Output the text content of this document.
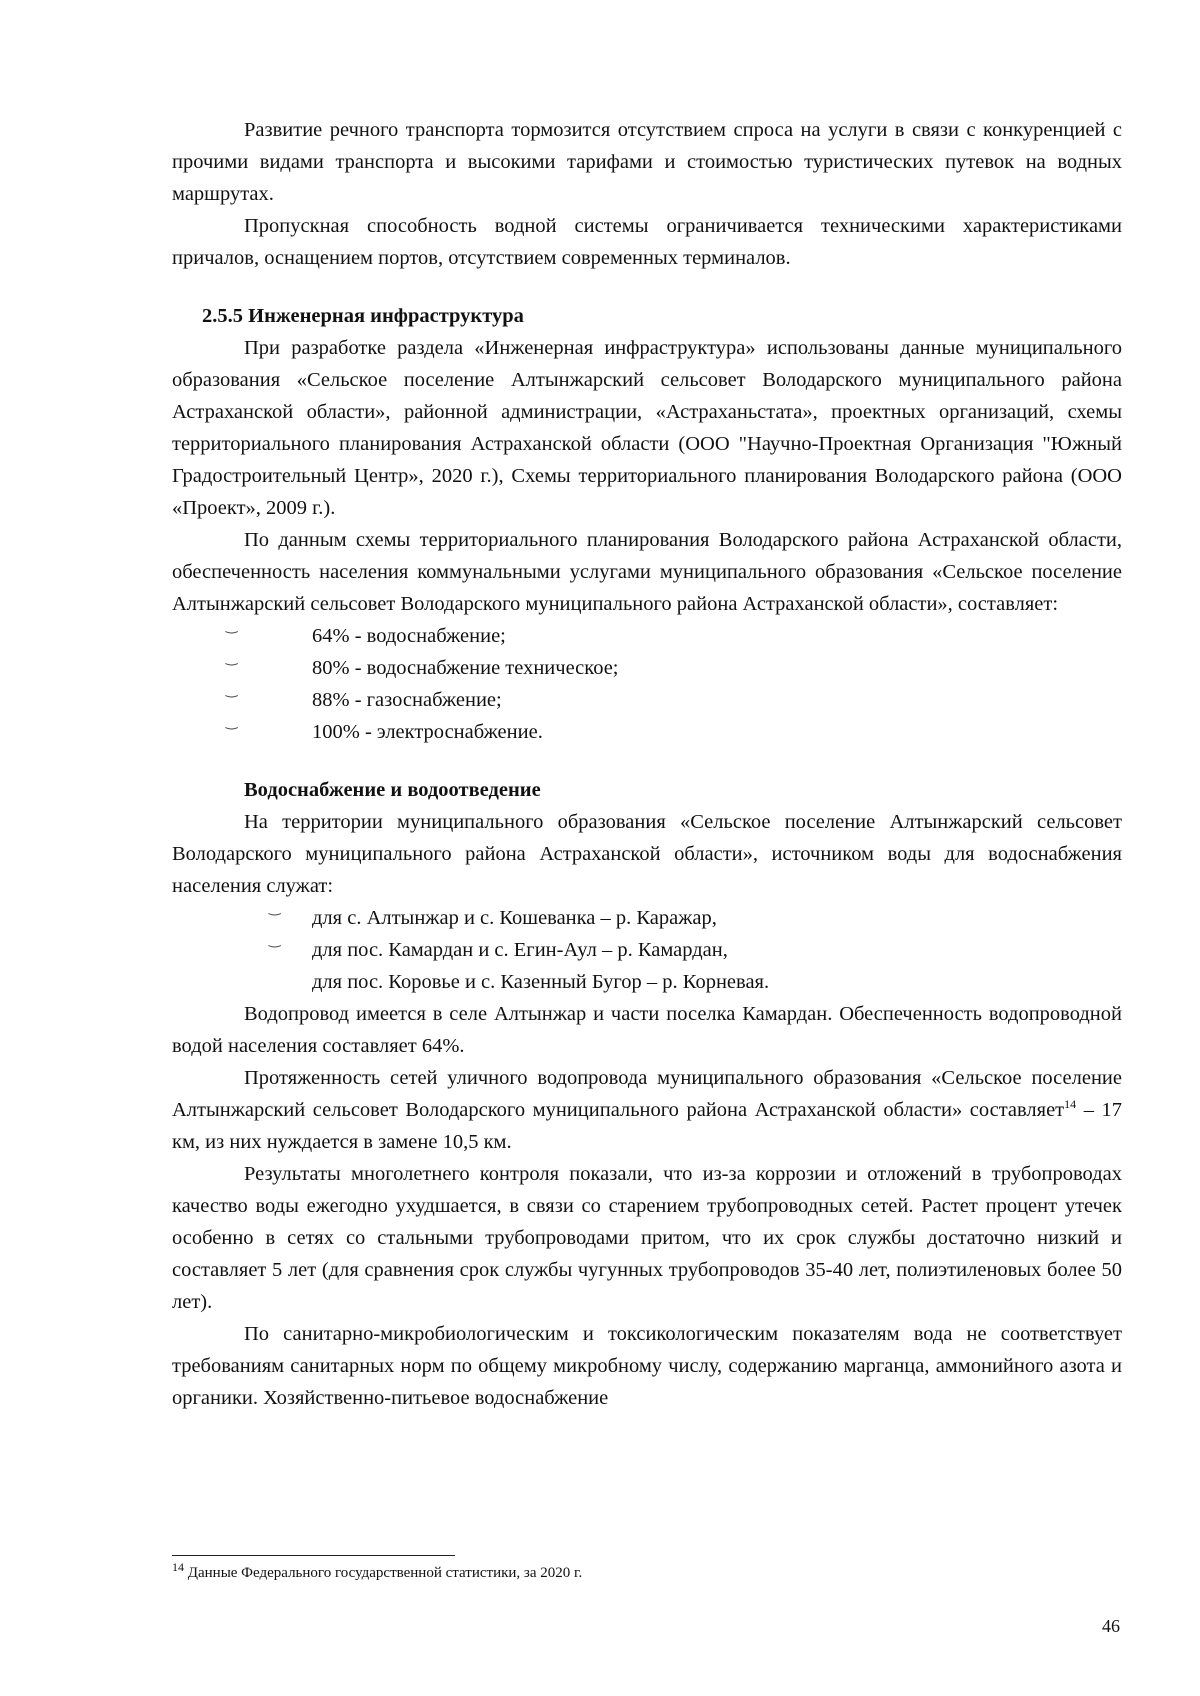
Развитие речного транспорта тормозится отсутствием спроса на услуги в связи с конкуренцией с прочими видами транспорта и высокими тарифами и стоимостью туристических путевок на водных маршрутах.

Пропускная способность водной системы ограничивается техническими характеристиками причалов, оснащением портов, отсутствием современных терминалов.

2.5.5 Инженерная инфраструктура

При разработке раздела «Инженерная инфраструктура» использованы данные муниципального образования «Сельское поселение Алтынжарский сельсовет Володарского муниципального района Астраханской области», районной администрации, «Астраханьстата», проектных организаций, схемы территориального планирования Астраханской области (ООО "Научно-Проектная Организация "Южный Градостроительный Центр», 2020 г.), Схемы территориального планирования Володарского района (ООО «Проект», 2009 г.).

По данным схемы территориального планирования Володарского района Астраханской области, обеспеченность населения коммунальными услугами муниципального образования «Сельское поселение Алтынжарский сельсовет Володарского муниципального района Астраханской области», составляет:

‿	64% - водоснабжение;
‿	80% - водоснабжение техническое;
‿	88% - газоснабжение;
‿	100% - электроснабжение.
Водоснабжение и водоотведение

На территории муниципального образования «Сельское поселение Алтынжарский сельсовет Володарского муниципального района Астраханской области», источником воды для водоснабжения населения служат:

‿ для с. Алтынжар и с. Кошеванка – р. Каражар,
‿ для пос. Камардан и с. Егин-Аул – р. Камардан,
для пос. Коровье и с. Казенный Бугор – р. Корневая.

Водопровод имеется в селе Алтынжар и части поселка Камардан. Обеспеченность водопроводной водой населения составляет 64%.

Протяженность сетей уличного водопровода муниципального образования «Сельское поселение Алтынжарский сельсовет Володарского муниципального района Астраханской области» составляет$^{14}$ – 17 км, из них нуждается в замене 10,5 км.

Результаты многолетнего контроля показали, что из-за коррозии и отложений в трубопроводах качество воды ежегодно ухудшается, в связи со старением трубопроводных сетей. Растет процент утечек особенно в сетях со стальными трубопроводами притом, что их срок службы достаточно низкий и составляет 5 лет (для сравнения срок службы чугунных трубопроводов 35-40 лет, полиэтиленовых более 50 лет).

По санитарно-микробиологическим и токсикологическим показателям вода не соответствует требованиям санитарных норм по общему микробному числу, содержанию марганца, аммонийного азота и органики. Хозяйственно-питьевое водоснабжение

$^{14}$ Данные Федерального государственной статистики, за 2020 г.
46
